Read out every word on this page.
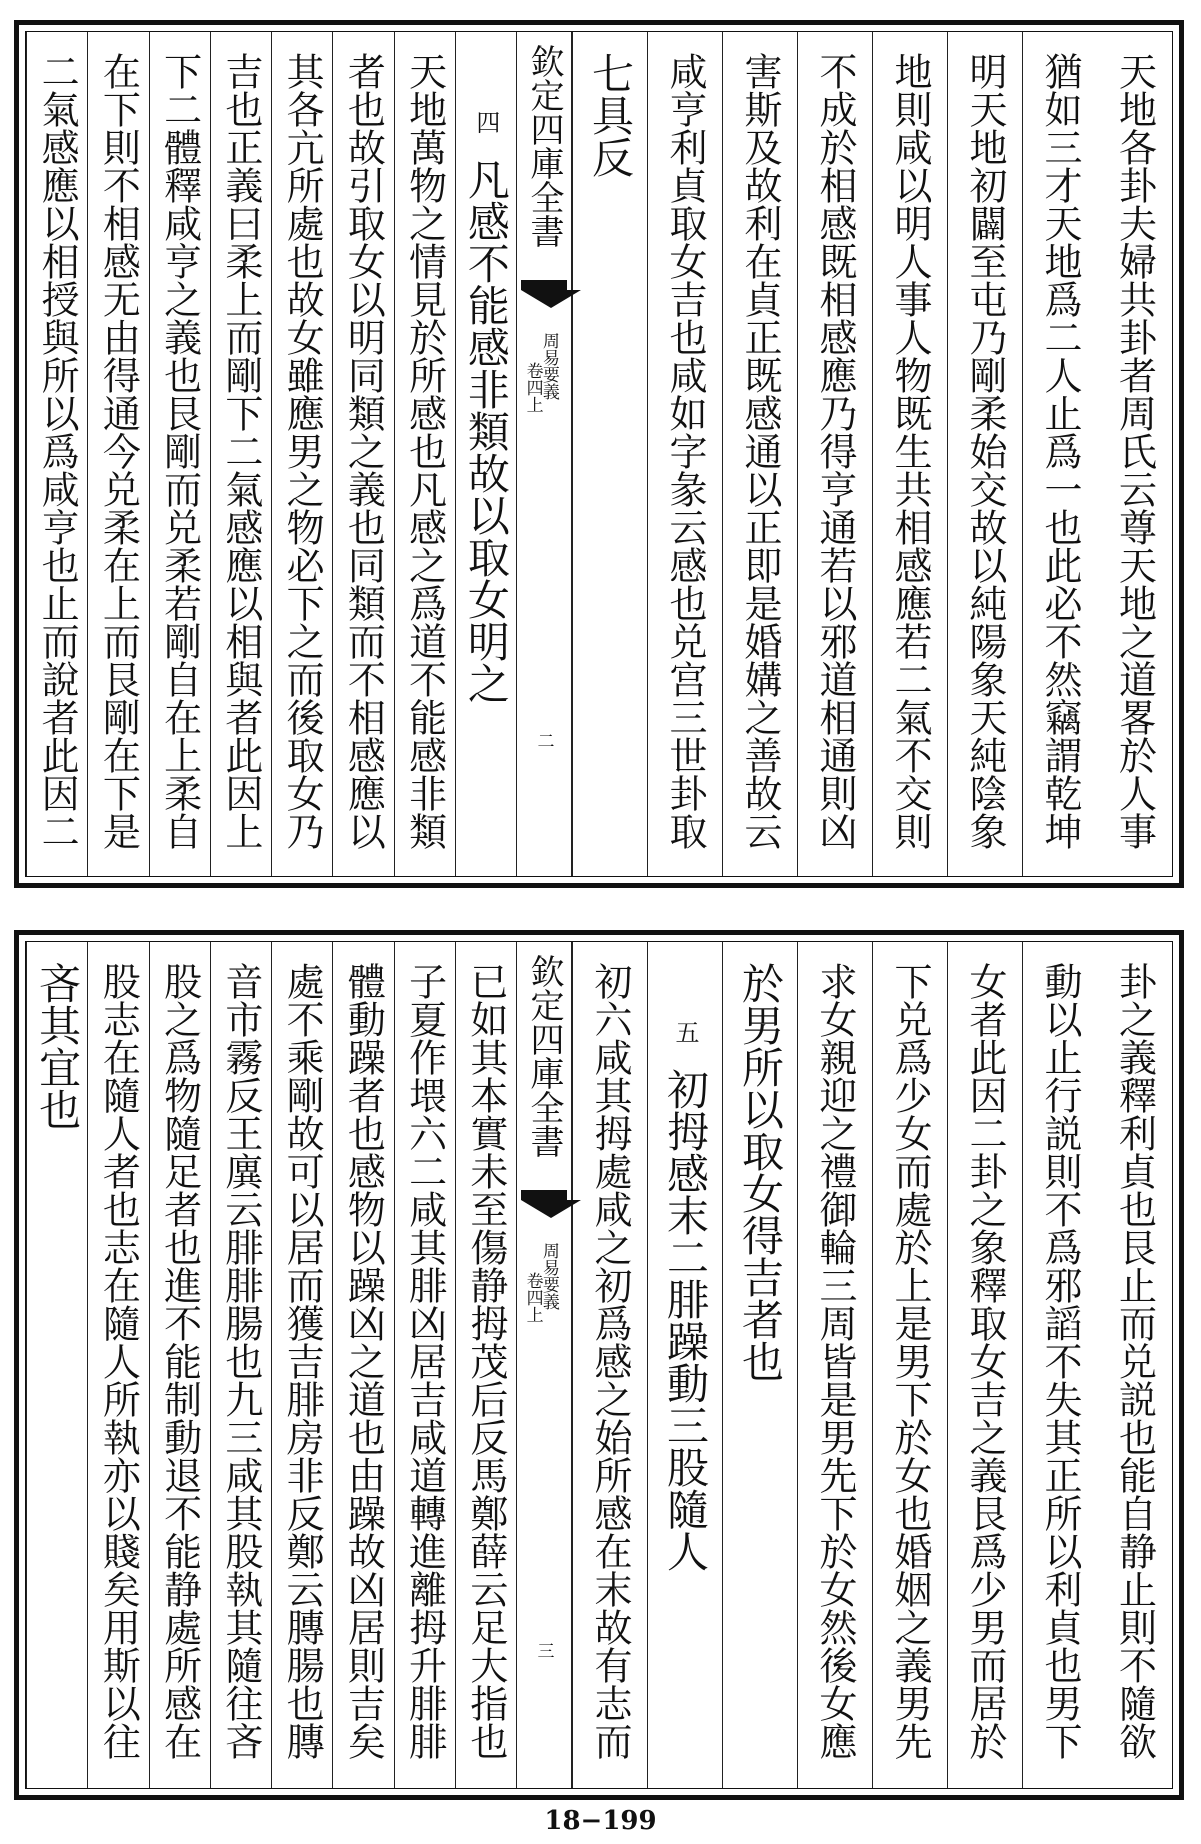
天地各卦夫婦共卦者周氏云尊天地之道畧於人事
猶如三才天地爲二人止爲一也此必不然竊謂乾坤
明天地初闢至屯乃剛柔始交故以純陽象天純陰象
地則咸以明人事人物既生共相感應若二氣不交則
不成於相感既相感應乃得亨通若以邪道相通則凶
害斯及故利在貞正既感通以正即是婚媾之善故云
咸亨利貞取女吉也咸如字彖云感也兑宫三世卦取
七具反
欽定四庫全書
周易要義
卷四上
二
四
凡感不能感非類故以取女明之
天地萬物之情見於所感也凡感之爲道不能感非類
者也故引取女以明同類之義也同類而不相感應以
其各亢所處也故女雖應男之物必下之而後取女乃
吉也正義曰柔上而剛下二氣感應以相與者此因上
下二體釋咸亨之義也艮剛而兑柔若剛自在上柔自
在下則不相感无由得通今兑柔在上而艮剛在下是
二氣感應以相授與所以爲咸亨也止而說者此因二
卦之義釋利貞也艮止而兑説也能自静止則不隨欲
動以止行説則不爲邪謟不失其正所以利貞也男下
女者此因二卦之象釋取女吉之義艮爲少男而居於
下兑爲少女而處於上是男下於女也婚姻之義男先
求女親迎之禮御輪三周皆是男先下於女然後女應
於男所以取女得吉者也
五
初拇感末二腓躁動三股隨人
初六咸其拇處咸之初爲感之始所感在末故有志而
欽定四庫全書
周易要義
卷四上
三
已如其本實未至傷静拇茂后反馬鄭薛云足大指也
子夏作㙗六二咸其腓凶居吉咸道轉進離拇升腓腓
體動躁者也感物以躁凶之道也由躁故凶居則吉矣
處不乘剛故可以居而獲吉腓房非反鄭云膞腸也膞
音市霧反王廙云腓腓腸也九三咸其股執其隨往吝
股之爲物隨足者也進不能制動退不能静處所感在
股志在隨人者也志在隨人所執亦以賤矣用斯以往
吝其宜也
18−199
